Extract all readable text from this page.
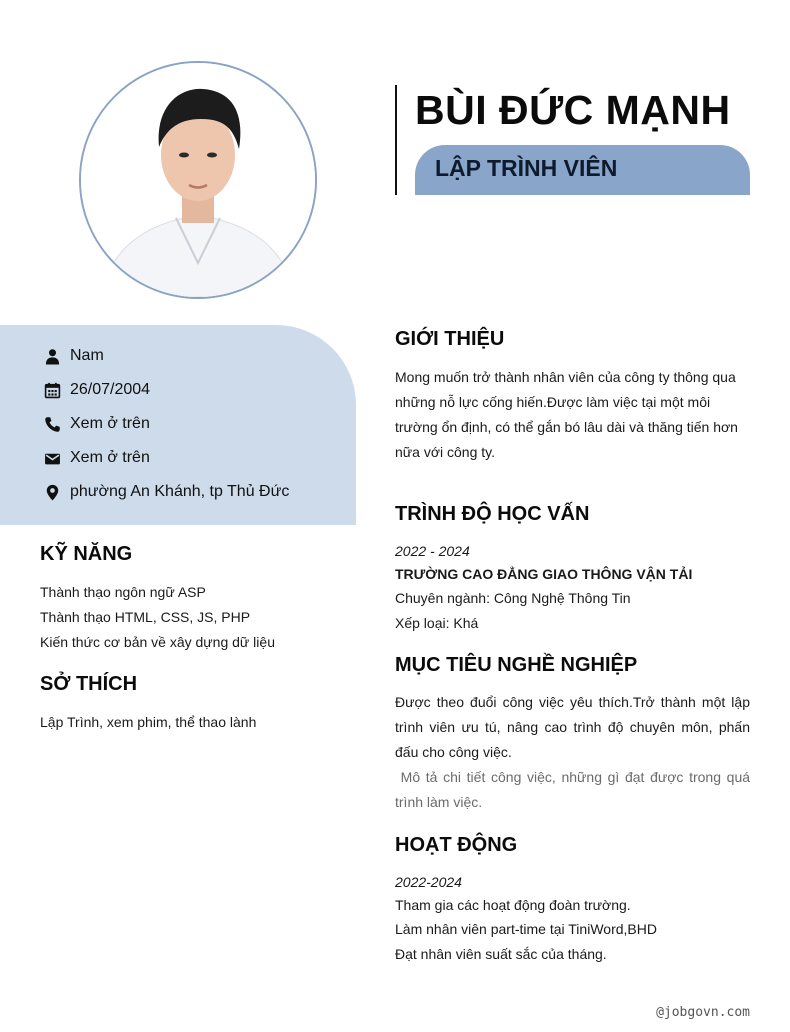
BÙI ĐỨC MẠNH
LẬP TRÌNH VIÊN
Nam
26/07/2004
Xem ở trên
Xem ở trên
phường An Khánh, tp Thủ Đức
KỸ NĂNG
Thành thạo ngôn ngữ ASP
Thành thạo HTML, CSS, JS, PHP
Kiến thức cơ bản về xây dựng dữ liệu
SỞ THÍCH
Lập Trình, xem phim, thể thao lành
GIỚI THIỆU
Mong muốn trở thành nhân viên của công ty thông qua những nỗ lực cống hiến.Được làm việc tại một môi trường ổn định, có thể gắn bó lâu dài và thăng tiến hơn nữa với công ty.
TRÌNH ĐỘ HỌC VẤN
2022 - 2024
TRƯỜNG CAO ĐẲNG GIAO THÔNG VẬN TẢI
Chuyên ngành: Công Nghệ Thông Tin
Xếp loại: Khá
MỤC TIÊU NGHỀ NGHIỆP
Được theo đuổi công việc yêu thích.Trở thành một lập trình viên ưu tú, nâng cao trình độ chuyên môn, phấn đấu cho công việc.
Mô tả chi tiết công việc, những gì đạt được trong quá trình làm việc.
HOẠT ĐỘNG
2022-2024
Tham gia các hoạt động đoàn trường.
Làm nhân viên part-time tại TiniWord,BHD
Đạt nhân viên suất sắc của tháng.
@jobgovn.com
